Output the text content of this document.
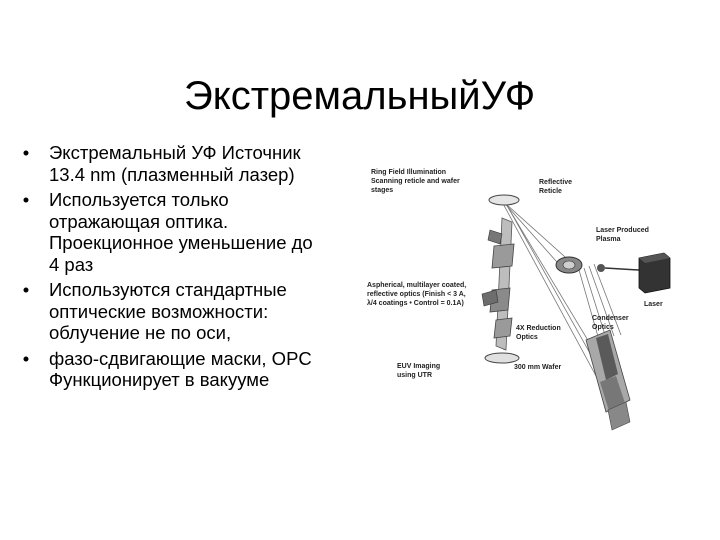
ЭкстремальныйУФ
• Экстремальный УФ Источник
13.4 nm (плазменный лазер)
• Используется только
отражающая оптика.
Проекционное уменьшение до
4 раз
• Используются стандартные
оптические возможности:
облучение не по оси,
• фазо-сдвигающие маски, OPC
Функционирует в вакууме
Ring Field Illumination
Scanning reticle and wafer
stages
Reflective
Reticle
Laser Produced
Plasma
Laser
Aspherical, multilayer coated,
reflective optics (Finish < 3 A,
λ/4 coatings • Control = 0.1A)
Condenser
Optics
4X Reduction
Optics
EUV Imaging
using UTR
300 mm Wafer
